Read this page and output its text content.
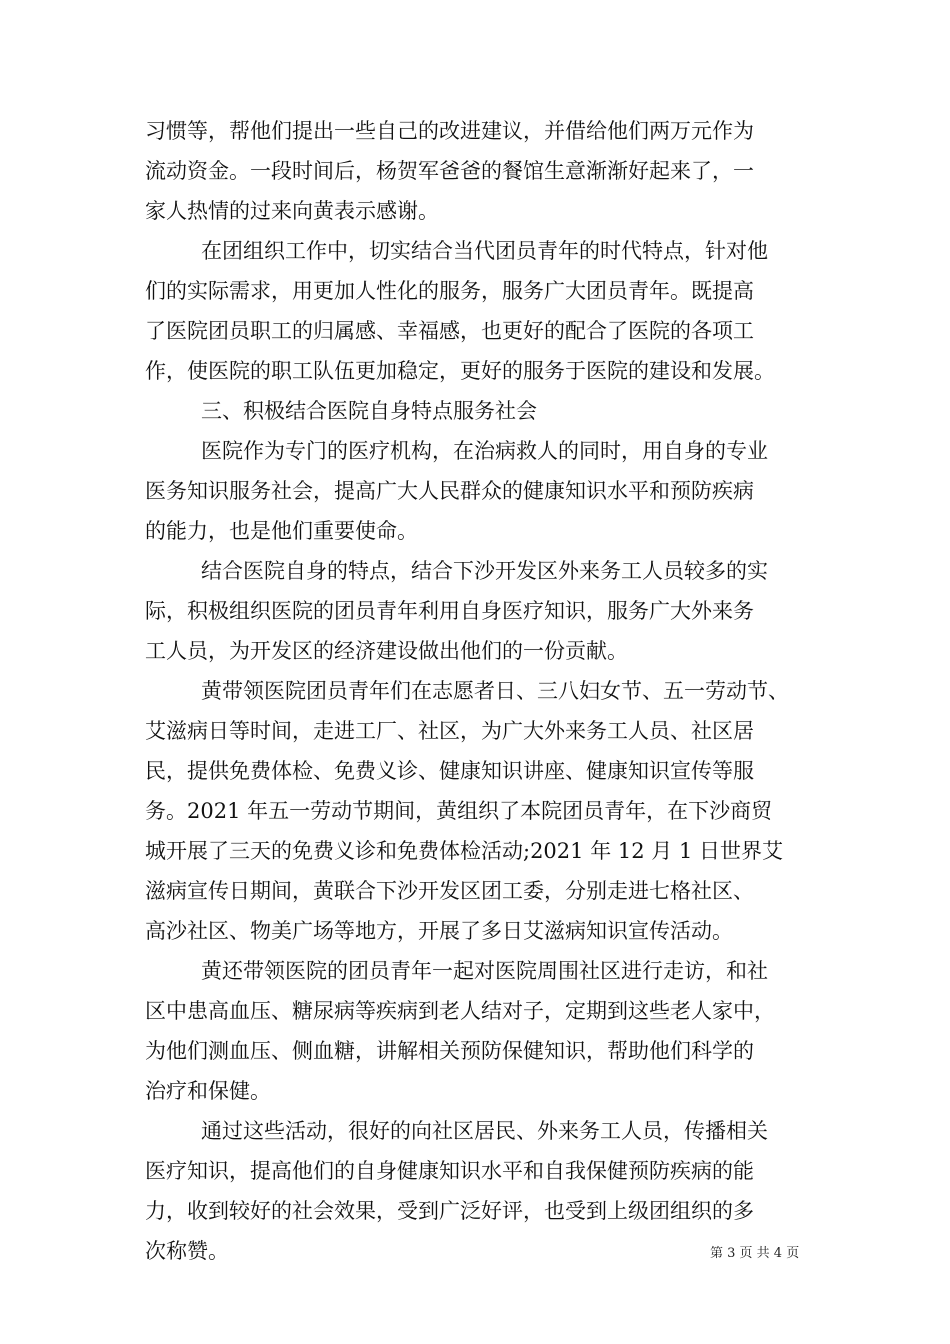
习惯等，帮他们提出一些自己的改进建议，并借给他们两万元作为
流动资金。一段时间后，杨贺军爸爸的餐馆生意渐渐好起来了，一
家人热情的过来向黄表示感谢。
在团组织工作中，切实结合当代团员青年的时代特点，针对他
们的实际需求，用更加人性化的服务，服务广大团员青年。既提高
了医院团员职工的归属感、幸福感，也更好的配合了医院的各项工
作，使医院的职工队伍更加稳定，更好的服务于医院的建设和发展。
三、积极结合医院自身特点服务社会
医院作为专门的医疗机构，在治病救人的同时，用自身的专业
医务知识服务社会，提高广大人民群众的健康知识水平和预防疾病
的能力，也是他们重要使命。
结合医院自身的特点，结合下沙开发区外来务工人员较多的实
际，积极组织医院的团员青年利用自身医疗知识，服务广大外来务
工人员，为开发区的经济建设做出他们的一份贡献。
黄带领医院团员青年们在志愿者日、三八妇女节、五一劳动节、
艾滋病日等时间，走进工厂、社区，为广大外来务工人员、社区居
民，提供免费体检、免费义诊、健康知识讲座、健康知识宣传等服
务。2021 年五一劳动节期间，黄组织了本院团员青年，在下沙商贸
城开展了三天的免费义诊和免费体检活动;2021 年 12 月 1 日世界艾
滋病宣传日期间，黄联合下沙开发区团工委，分别走进七格社区、
高沙社区、物美广场等地方，开展了多日艾滋病知识宣传活动。
黄还带领医院的团员青年一起对医院周围社区进行走访，和社
区中患高血压、糖尿病等疾病到老人结对子，定期到这些老人家中，
为他们测血压、侧血糖，讲解相关预防保健知识，帮助他们科学的
治疗和保健。
通过这些活动，很好的向社区居民、外来务工人员，传播相关
医疗知识，提高他们的自身健康知识水平和自我保健预防疾病的能
力，收到较好的社会效果，受到广泛好评，也受到上级团组织的多
次称赞。	第 3 页 共 4 页
